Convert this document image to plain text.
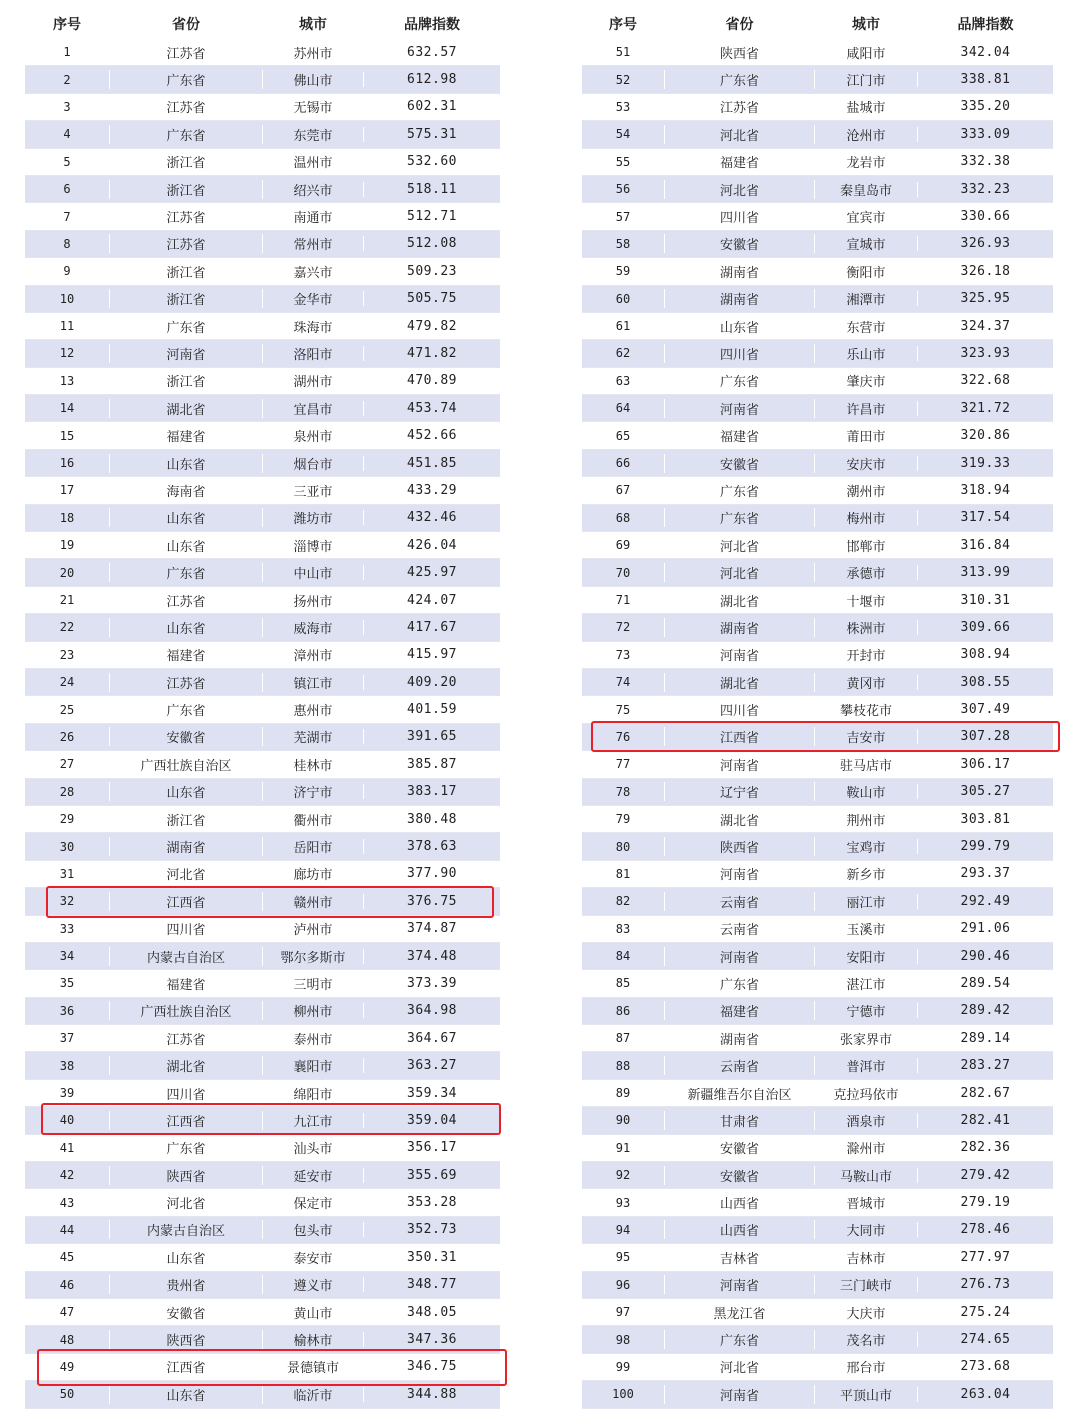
序号	省份	城市	品牌指数
1	江苏省	苏州市	632.57
2	广东省	佛山市	612.98
3	江苏省	无锡市	602.31
4	广东省	东莞市	575.31
5	浙江省	温州市	532.60
6	浙江省	绍兴市	518.11
7	江苏省	南通市	512.71
8	江苏省	常州市	512.08
9	浙江省	嘉兴市	509.23
10	浙江省	金华市	505.75
11	广东省	珠海市	479.82
12	河南省	洛阳市	471.82
13	浙江省	湖州市	470.89
14	湖北省	宜昌市	453.74
15	福建省	泉州市	452.66
16	山东省	烟台市	451.85
17	海南省	三亚市	433.29
18	山东省	潍坊市	432.46
19	山东省	淄博市	426.04
20	广东省	中山市	425.97
21	江苏省	扬州市	424.07
22	山东省	威海市	417.67
23	福建省	漳州市	415.97
24	江苏省	镇江市	409.20
25	广东省	惠州市	401.59
26	安徽省	芜湖市	391.65
27	广西壮族自治区	桂林市	385.87
28	山东省	济宁市	383.17
29	浙江省	衢州市	380.48
30	湖南省	岳阳市	378.63
31	河北省	廊坊市	377.90
32	江西省	赣州市	376.75
33	四川省	泸州市	374.87
34	内蒙古自治区	鄂尔多斯市	374.48
35	福建省	三明市	373.39
36	广西壮族自治区	柳州市	364.98
37	江苏省	泰州市	364.67
38	湖北省	襄阳市	363.27
39	四川省	绵阳市	359.34
40	江西省	九江市	359.04
41	广东省	汕头市	356.17
42	陕西省	延安市	355.69
43	河北省	保定市	353.28
44	内蒙古自治区	包头市	352.73
45	山东省	泰安市	350.31
46	贵州省	遵义市	348.77
47	安徽省	黄山市	348.05
48	陕西省	榆林市	347.36
49	江西省	景德镇市	346.75
50	山东省	临沂市	344.88
序号	省份	城市	品牌指数
51	陕西省	咸阳市	342.04
52	广东省	江门市	338.81
53	江苏省	盐城市	335.20
54	河北省	沧州市	333.09
55	福建省	龙岩市	332.38
56	河北省	秦皇岛市	332.23
57	四川省	宜宾市	330.66
58	安徽省	宣城市	326.93
59	湖南省	衡阳市	326.18
60	湖南省	湘潭市	325.95
61	山东省	东营市	324.37
62	四川省	乐山市	323.93
63	广东省	肇庆市	322.68
64	河南省	许昌市	321.72
65	福建省	莆田市	320.86
66	安徽省	安庆市	319.33
67	广东省	潮州市	318.94
68	广东省	梅州市	317.54
69	河北省	邯郸市	316.84
70	河北省	承德市	313.99
71	湖北省	十堰市	310.31
72	湖南省	株洲市	309.66
73	河南省	开封市	308.94
74	湖北省	黄冈市	308.55
75	四川省	攀枝花市	307.49
76	江西省	吉安市	307.28
77	河南省	驻马店市	306.17
78	辽宁省	鞍山市	305.27
79	湖北省	荆州市	303.81
80	陕西省	宝鸡市	299.79
81	河南省	新乡市	293.37
82	云南省	丽江市	292.49
83	云南省	玉溪市	291.06
84	河南省	安阳市	290.46
85	广东省	湛江市	289.54
86	福建省	宁德市	289.42
87	湖南省	张家界市	289.14
88	云南省	普洱市	283.27
89	新疆维吾尔自治区	克拉玛依市	282.67
90	甘肃省	酒泉市	282.41
91	安徽省	滁州市	282.36
92	安徽省	马鞍山市	279.42
93	山西省	晋城市	279.19
94	山西省	大同市	278.46
95	吉林省	吉林市	277.97
96	河南省	三门峡市	276.73
97	黑龙江省	大庆市	275.24
98	广东省	茂名市	274.65
99	河北省	邢台市	273.68
100	河南省	平顶山市	263.04
